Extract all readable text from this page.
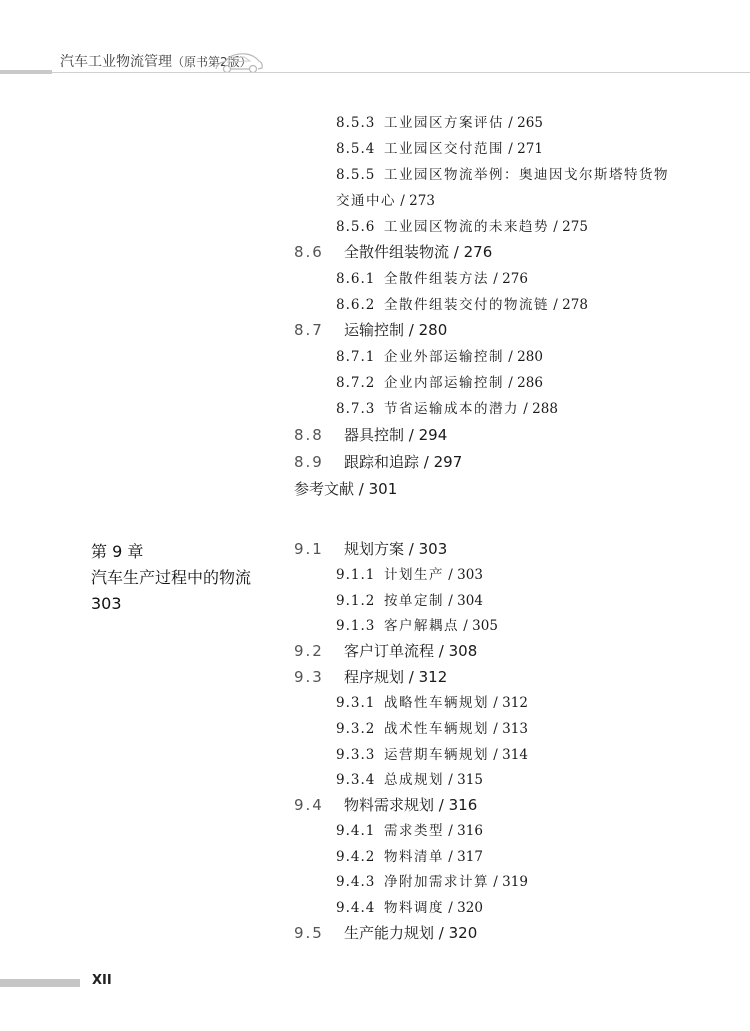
汽车工业物流管理（原书第2版）
第 9 章
汽车生产过程中的物流
303
8.5.3 工业园区方案评估 / 265
8.5.4 工业园区交付范围 / 271
8.5.5 工业园区物流举例：奥迪因戈尔斯塔特货物
交通中心 / 273
8.5.6 工业园区物流的未来趋势 / 275
8.6 全散件组装物流 / 276
8.6.1 全散件组装方法 / 276
8.6.2 全散件组装交付的物流链 / 278
8.7 运输控制 / 280
8.7.1 企业外部运输控制 / 280
8.7.2 企业内部运输控制 / 286
8.7.3 节省运输成本的潜力 / 288
8.8 器具控制 / 294
8.9 跟踪和追踪 / 297
参考文献 / 301
9.1 规划方案 / 303
9.1.1 计划生产 / 303
9.1.2 按单定制 / 304
9.1.3 客户解耦点 / 305
9.2 客户订单流程 / 308
9.3 程序规划 / 312
9.3.1 战略性车辆规划 / 312
9.3.2 战术性车辆规划 / 313
9.3.3 运营期车辆规划 / 314
9.3.4 总成规划 / 315
9.4 物料需求规划 / 316
9.4.1 需求类型 / 316
9.4.2 物料清单 / 317
9.4.3 净附加需求计算 / 319
9.4.4 物料调度 / 320
9.5 生产能力规划 / 320
XII
